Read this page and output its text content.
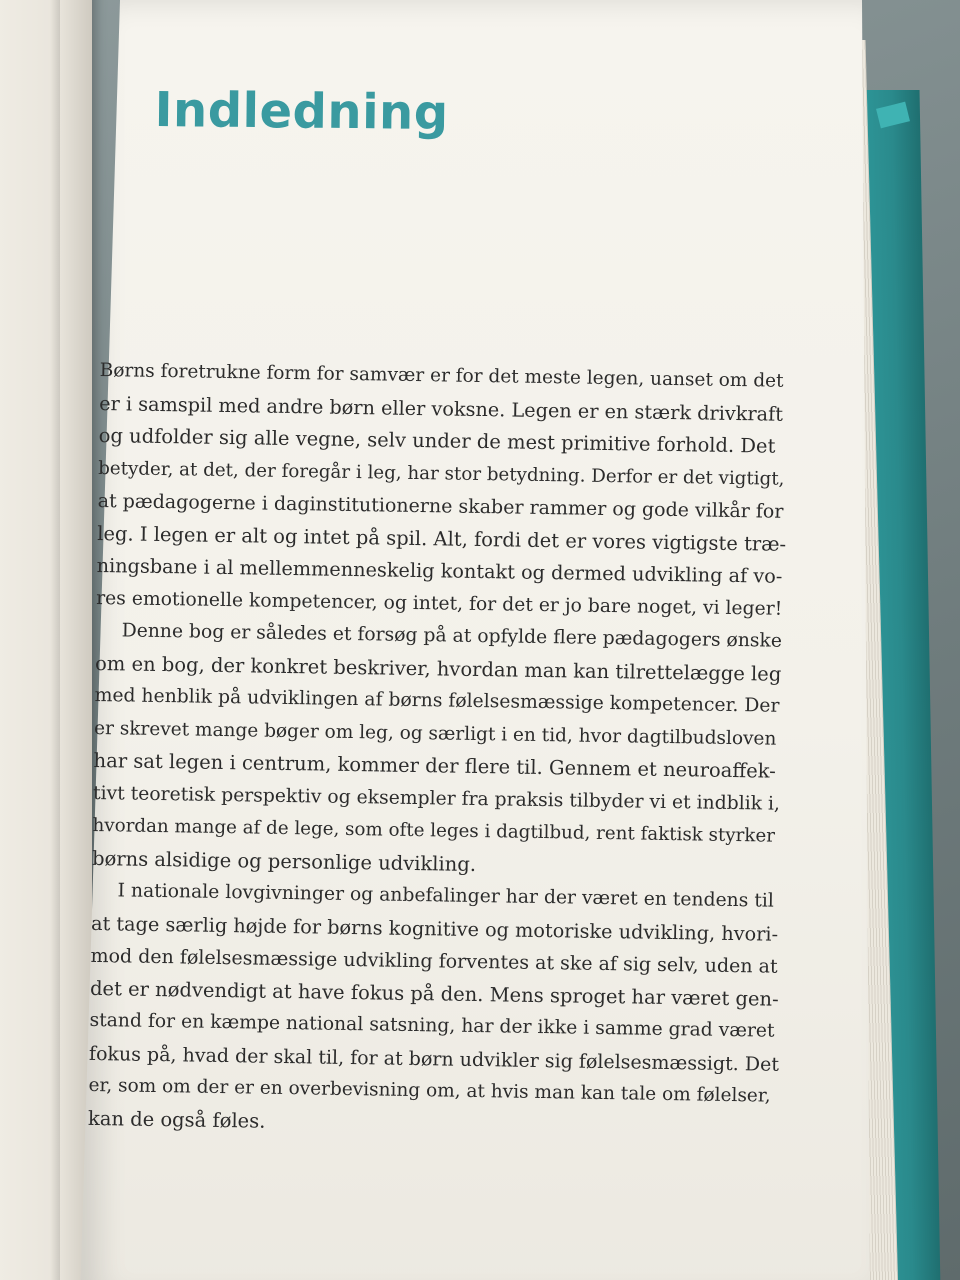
Indledning
Børns foretrukne form for samvær er for det meste legen, uanset om det
er i samspil med andre børn eller voksne. Legen er en stærk drivkraft
og udfolder sig alle vegne, selv under de mest primitive forhold. Det
betyder, at det, der foregår i leg, har stor betydning. Derfor er det vigtigt,
at pædagogerne i daginstitutionerne skaber rammer og gode vilkår for
leg. I legen er alt og intet på spil. Alt, fordi det er vores vigtigste træ-
ningsbane i al mellemmenneskelig kontakt og dermed udvikling af vo-
res emotionelle kompetencer, og intet, for det er jo bare noget, vi leger!
Denne bog er således et forsøg på at opfylde flere pædagogers ønske
om en bog, der konkret beskriver, hvordan man kan tilrettelægge leg
med henblik på udviklingen af børns følelsesmæssige kompetencer. Der
er skrevet mange bøger om leg, og særligt i en tid, hvor dagtilbudsloven
har sat legen i centrum, kommer der flere til. Gennem et neuroaffek-
tivt teoretisk perspektiv og eksempler fra praksis tilbyder vi et indblik i,
hvordan mange af de lege, som ofte leges i dagtilbud, rent faktisk styrker
børns alsidige og personlige udvikling.
I nationale lovgivninger og anbefalinger har der været en tendens til
at tage særlig højde for børns kognitive og motoriske udvikling, hvori-
mod den følelsesmæssige udvikling forventes at ske af sig selv, uden at
det er nødvendigt at have fokus på den. Mens sproget har været gen-
stand for en kæmpe national satsning, har der ikke i samme grad været
fokus på, hvad der skal til, for at børn udvikler sig følelsesmæssigt. Det
er, som om der er en overbevisning om, at hvis man kan tale om følelser,
kan de også føles.
